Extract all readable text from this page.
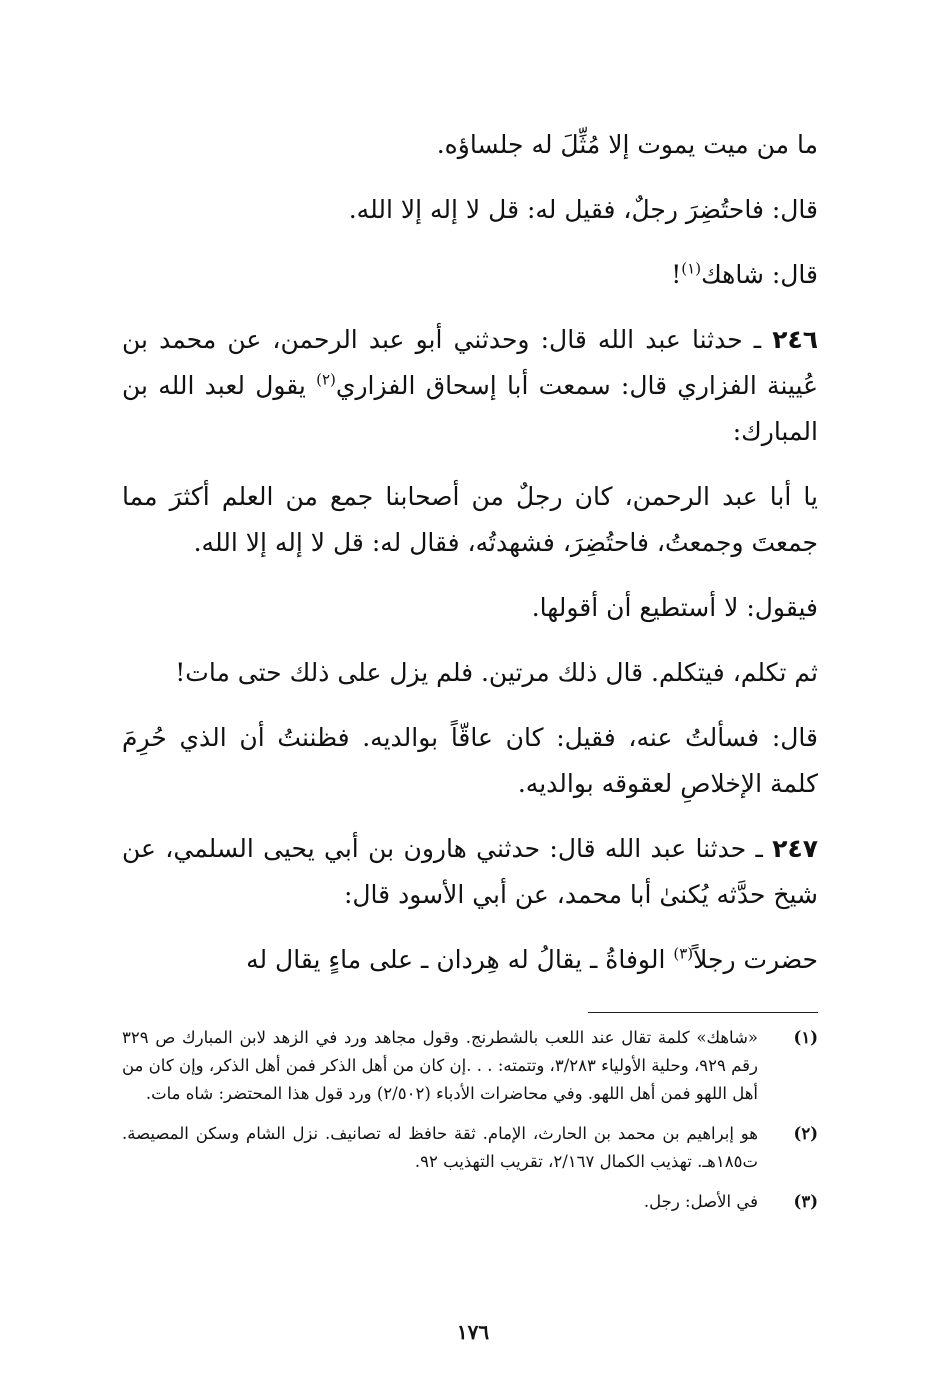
ما من ميت يموت إلا مُثِّلَ له جلساؤه.

قال: فاحتُضِرَ رجلٌ، فقيل له: قل لا إله إلا الله.

قال: شاهك$^{(١)}$!

٢٤٦ ـ حدثنا عبد الله قال: وحدثني أبو عبد الرحمن، عن محمد بن عُيينة الفزاري قال: سمعت أبا إسحاق الفزاري$^{(٢)}$ يقول لعبد الله بن المبارك:

يا أبا عبد الرحمن، كان رجلٌ من أصحابنا جمع من العلم أكثرَ مما جمعتَ وجمعتُ، فاحتُضِرَ، فشهدتُه، فقال له: قل لا إله إلا الله.

فيقول: لا أستطيع أن أقولها.

ثم تكلم، فيتكلم. قال ذلك مرتين. فلم يزل على ذلك حتى مات!

قال: فسألتُ عنه، فقيل: كان عاقّاً بوالديه. فظننتُ أن الذي حُرِمَ كلمة الإخلاصِ لعقوقه بوالديه.

٢٤٧ ـ حدثنا عبد الله قال: حدثني هارون بن أبي يحيى السلمي، عن شيخ حدَّثه يُكنىٰ أبا محمد، عن أبي الأسود قال:

حضرت رجلاً$^{(٣)}$ الوفاةُ ـ يقالُ له هِردان ـ على ماءٍ يقال له

(١)
«شاهك» كلمة تقال عند اللعب بالشطرنج. وقول مجاهد ورد في الزهد لابن المبارك ص ٣٢٩ رقم ٩٢٩، وحلية الأولياء ٣/٢٨٣، وتتمته: . . .إن كان من أهل الذكر فمن أهل الذكر، وإن كان من أهل اللهو فمن أهل اللهو. وفي محاضرات الأدباء (٢/٥٠٢) ورد قول هذا المحتضر: شاه مات.
(٢)
هو إبراهيم بن محمد بن الحارث، الإمام. ثقة حافظ له تصانيف. نزل الشام وسكن المصيصة. ت١٨٥هـ. تهذيب الكمال ٢/١٦٧، تقريب التهذيب ٩٢.
(٣)
في الأصل: رجل.
١٧٦
